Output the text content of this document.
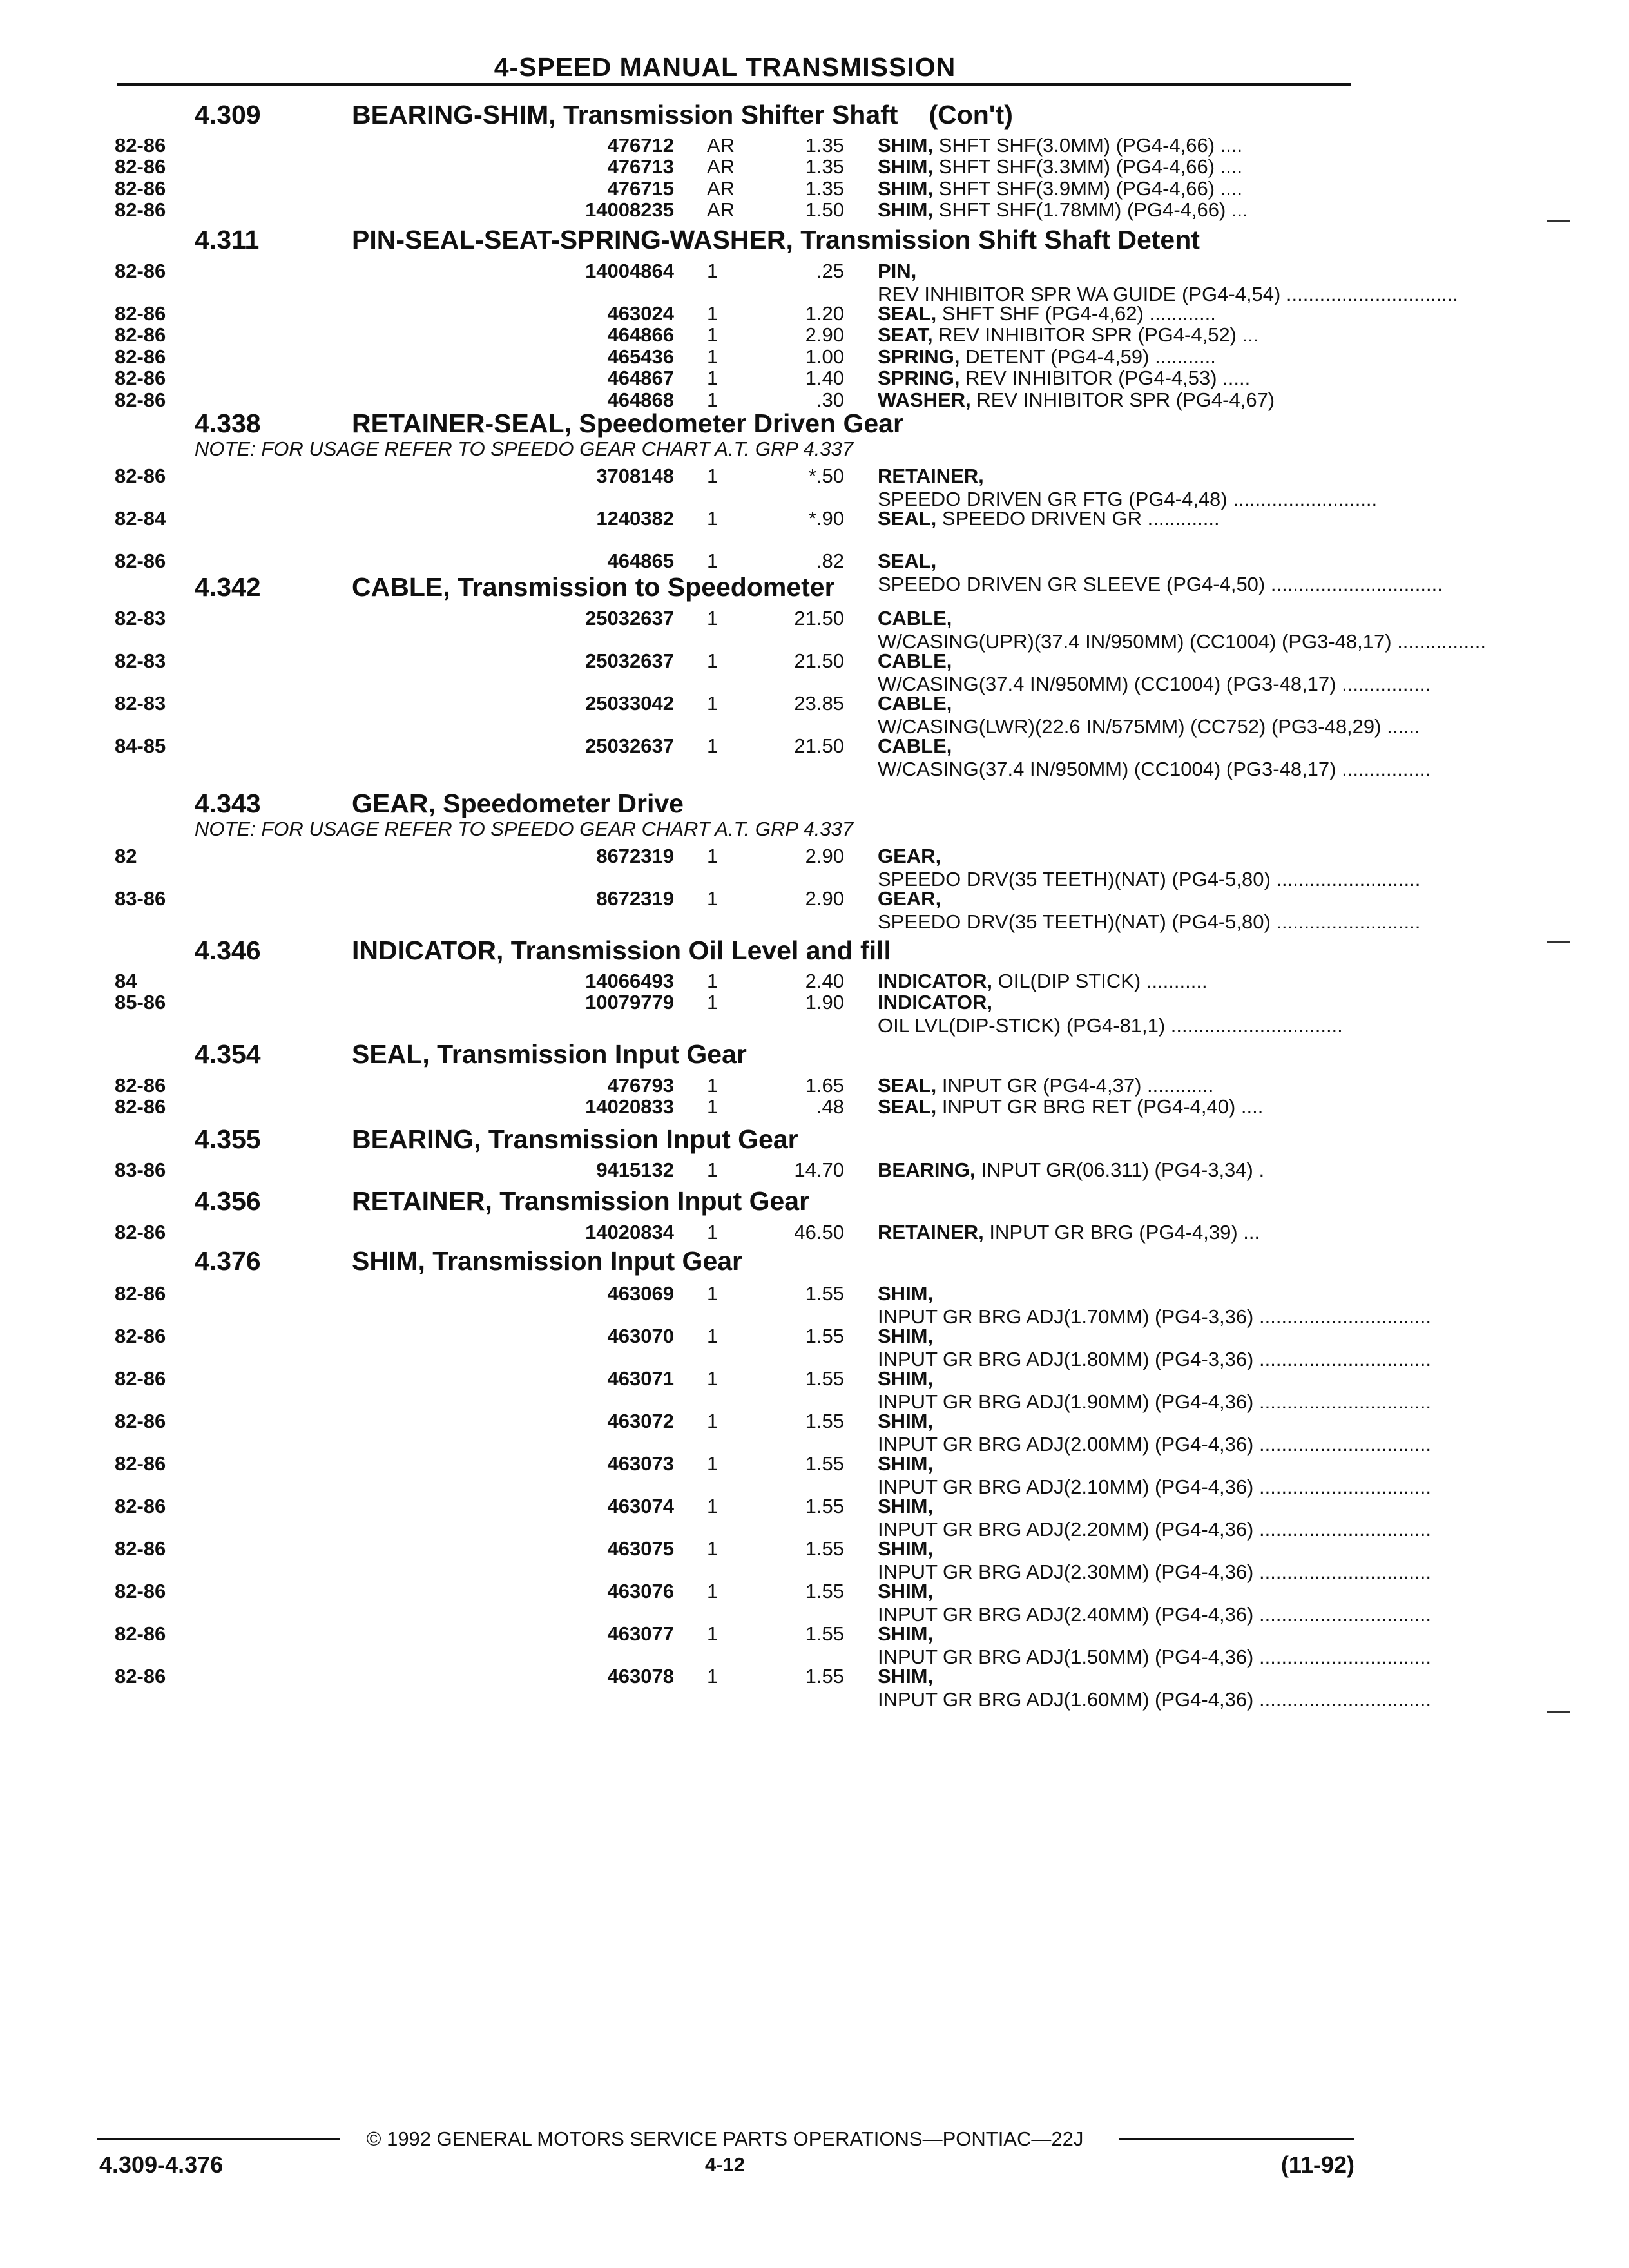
4-SPEED MANUAL TRANSMISSION
4.309	BEARING-SHIM, Transmission Shifter Shaft (Con't)
82-86	476712 AR	1.35 SHIM, SHFT SHF(3.0MM) (PG4-4,66) ....
82-86	476713 AR	1.35 SHIM, SHFT SHF(3.3MM) (PG4-4,66) ....
82-86	476715 AR	1.35 SHIM, SHFT SHF(3.9MM) (PG4-4,66) ....
82-86	14008235 AR	1.50 SHIM, SHFT SHF(1.78MM) (PG4-4,66) ...
4.311	PIN-SEAL-SEAT-SPRING-WASHER, Transmission Shift Shaft Detent
82-86	14004864 1	.25 PIN, REV INHIBITOR SPR WA GUIDE (PG4-4,54) ...............................
82-86	463024 1	1.20 SEAL, SHFT SHF (PG4-4,62) ............
82-86	464866 1	2.90 SEAT, REV INHIBITOR SPR (PG4-4,52) ...
82-86	465436 1	1.00 SPRING, DETENT (PG4-4,59) ...........
82-86	464867 1	1.40 SPRING, REV INHIBITOR (PG4-4,53) .....
82-86	464868 1	.30 WASHER, REV INHIBITOR SPR (PG4-4,67)
4.338	RETAINER-SEAL, Speedometer Driven Gear
NOTE: FOR USAGE REFER TO SPEEDO GEAR CHART A.T. GRP 4.337
82-86	3708148 1	*.50 RETAINER, SPEEDO DRIVEN GR FTG (PG4-4,48) ..........................
82-84	1240382 1	*.90 SEAL, SPEEDO DRIVEN GR .............
82-86	464865 1	.82 SEAL, SPEEDO DRIVEN GR SLEEVE (PG4-4,50) ...............................
4.342	CABLE, Transmission to Speedometer
82-83	25032637 1	21.50 CABLE, W/CASING(UPR)(37.4 IN/950MM) (CC1004) (PG3-48,17) ................
82-83	25032637 1	21.50 CABLE, W/CASING(37.4 IN/950MM) (CC1004) (PG3-48,17) ................
82-83	25033042 1	23.85 CABLE, W/CASING(LWR)(22.6 IN/575MM) (CC752) (PG3-48,29) ......
84-85	25032637 1	21.50 CABLE, W/CASING(37.4 IN/950MM) (CC1004) (PG3-48,17) ................
4.343	GEAR, Speedometer Drive
NOTE: FOR USAGE REFER TO SPEEDO GEAR CHART A.T. GRP 4.337
82	8672319 1	2.90 GEAR, SPEEDO DRV(35 TEETH)(NAT) (PG4-5,80) ..........................
83-86	8672319 1	2.90 GEAR, SPEEDO DRV(35 TEETH)(NAT) (PG4-5,80) ..........................
4.346	INDICATOR, Transmission Oil Level and fill
84	14066493 1	2.40 INDICATOR, OIL(DIP STICK) ...........
85-86	10079779 1	1.90 INDICATOR, OIL LVL(DIP-STICK) (PG4-81,1) ...............................
4.354	SEAL, Transmission Input Gear
82-86	476793 1	1.65 SEAL, INPUT GR (PG4-4,37) ............
82-86	14020833 1	.48 SEAL, INPUT GR BRG RET (PG4-4,40) ....
4.355	BEARING, Transmission Input Gear
83-86	9415132 1	14.70 BEARING, INPUT GR(06.311) (PG4-3,34) .
4.356	RETAINER, Transmission Input Gear
82-86	14020834 1	46.50 RETAINER, INPUT GR BRG (PG4-4,39) ...
4.376	SHIM, Transmission Input Gear
82-86	463069 1	1.55 SHIM, INPUT GR BRG ADJ(1.70MM) (PG4-3,36) ...............................
82-86	463070 1	1.55 SHIM, INPUT GR BRG ADJ(1.80MM) (PG4-3,36) ...............................
82-86	463071 1	1.55 SHIM, INPUT GR BRG ADJ(1.90MM) (PG4-4,36) ...............................
82-86	463072 1	1.55 SHIM, INPUT GR BRG ADJ(2.00MM) (PG4-4,36) ...............................
82-86	463073 1	1.55 SHIM, INPUT GR BRG ADJ(2.10MM) (PG4-4,36) ...............................
82-86	463074 1	1.55 SHIM, INPUT GR BRG ADJ(2.20MM) (PG4-4,36) ...............................
82-86	463075 1	1.55 SHIM, INPUT GR BRG ADJ(2.30MM) (PG4-4,36) ...............................
82-86	463076 1	1.55 SHIM, INPUT GR BRG ADJ(2.40MM) (PG4-4,36) ...............................
82-86	463077 1	1.55 SHIM, INPUT GR BRG ADJ(1.50MM) (PG4-4,36) ...............................
82-86	463078 1	1.55 SHIM, INPUT GR BRG ADJ(1.60MM) (PG4-4,36) ...............................
© 1992 GENERAL MOTORS SERVICE PARTS OPERATIONS—PONTIAC—22J
4.309-4.376	4-12	(11-92)
